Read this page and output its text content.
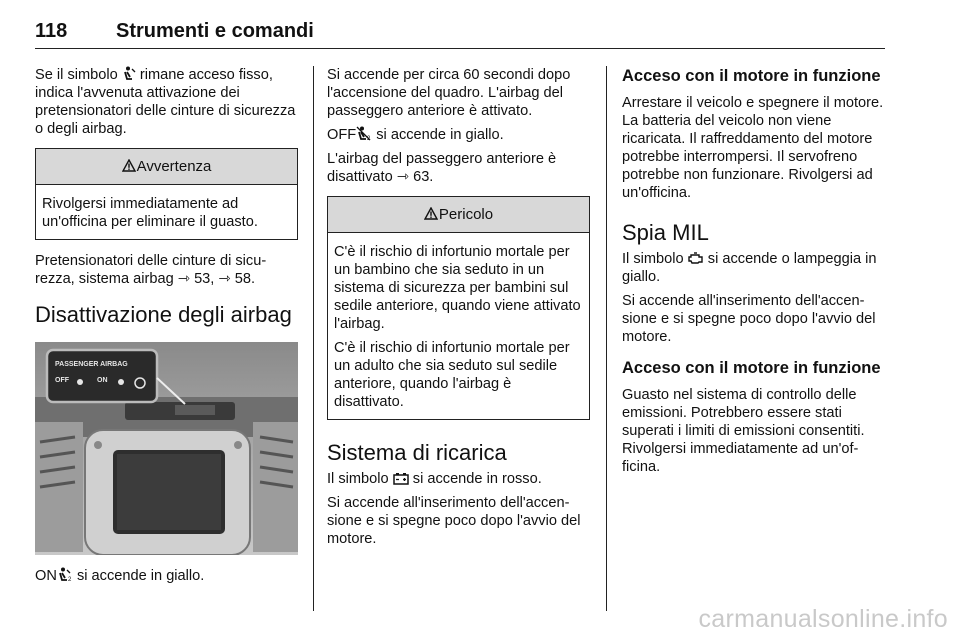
118 Strumenti e comandi

Se il simbolo rimane acceso fisso, indica l'avvenuta attivazione dei pretensionatori delle cinture di sicurezza o degli airbag.

Avvertenza

Rivolgersi immediatamente ad un'officina per eliminare il guasto.

Pretensionatori delle cinture di sicurezza, sistema airbag ⇾ 53, ⇾ 58.

Disattivazione degli airbag
PASSENGER AIRBAG
OFF	ON

ON 2 si accende in giallo.

Si accende per circa 60 secondi dopo l'accensione del quadro. L'airbag del passeggero anteriore è attivato.

OFF 2 si accende in giallo.

L'airbag del passeggero anteriore è disattivato ⇾ 63.

Pericolo

C'è il rischio di infortunio mortale per un bambino che sia seduto in un sistema di sicurezza per bambini sul sedile anteriore, quando viene attivato l'airbag.

C'è il rischio di infortunio mortale per un adulto che sia seduto sul sedile anteriore, quando l'airbag è disattivato.

Sistema di ricarica

Il simbolo si accende in rosso.

Si accende all'inserimento dell'accensione e si spegne poco dopo l'avvio del motore.

Acceso con il motore in funzione

Arrestare il veicolo e spegnere il motore. La batteria del veicolo non viene ricaricata. Il raffreddamento del motore potrebbe interrompersi. Il servofreno potrebbe non funzionare. Rivolgersi ad un'officina.

Spia MIL

Il simbolo si accende o lampeggia in giallo.

Si accende all'inserimento dell'accensione e si spegne poco dopo l'avvio del motore.

Acceso con il motore in funzione

Guasto nel sistema di controllo delle emissioni. Potrebbero essere stati superati i limiti di emissioni consentiti. Rivolgersi immediatamente ad un'officina.

carmanualsonline.info
